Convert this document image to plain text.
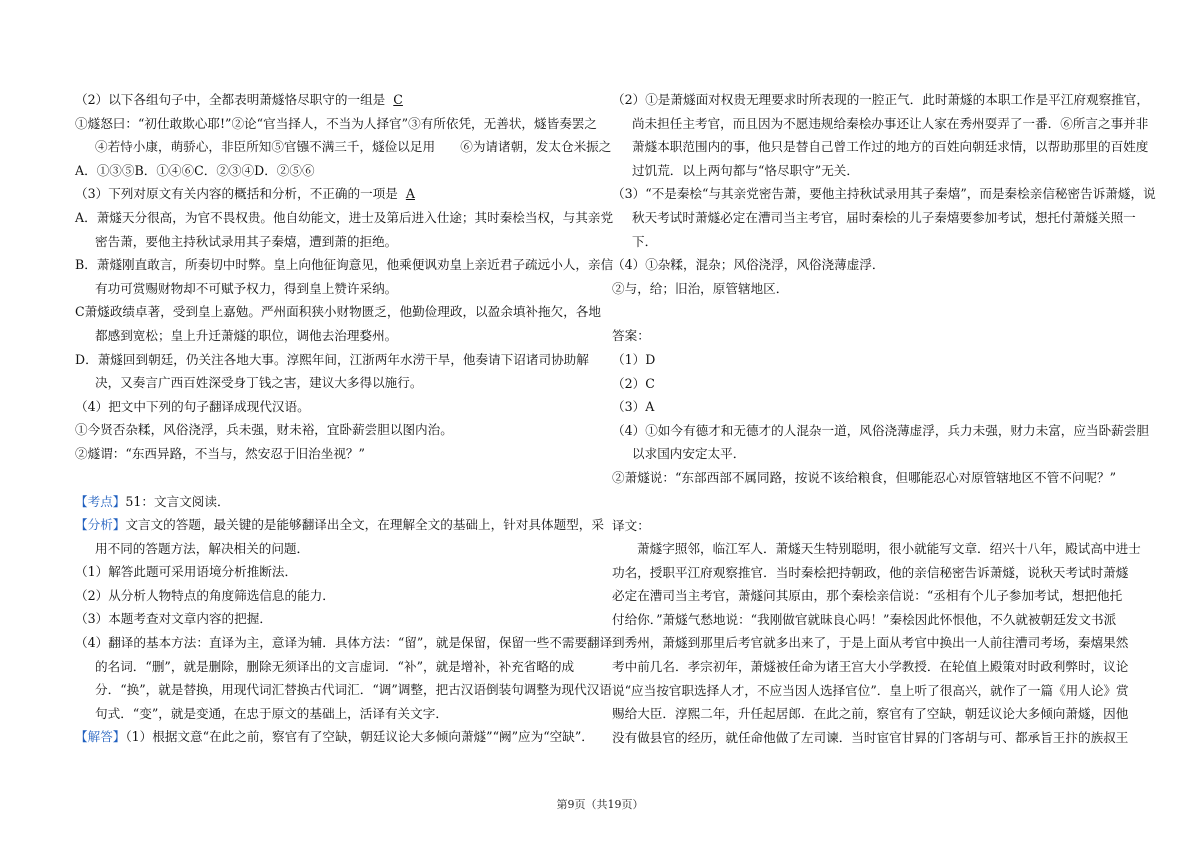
（2）以下各组句子中，全都表明萧燧恪尽职守的一组是 C

①燧怒曰：“初仕敢欺心耶!”②论“官当择人，不当为人择官”③有所依凭，无善状，燧皆奏罢之

④若恃小康，萌骄心，非臣所知⑤官镪不满三千，燧俭以足用　　⑥为请诸朝，发太仓米振之

A．①③⑤B．①④⑥C．②③④D．②⑤⑥

（3）下列对原文有关内容的概括和分析，不正确的一项是 A

A．萧燧天分很高，为官不畏权贵。他自幼能文，进士及第后进入仕途；其时秦桧当权，与其亲党

密告萧，要他主持秋试录用其子秦熺，遭到萧的拒绝。

B．萧燧刚直敢言，所奏切中时弊。皇上向他征询意见，他乘便讽劝皇上亲近君子疏远小人，亲信

有功可赏赐财物却不可赋予权力，得到皇上赞许采纳。

C萧燧政绩卓著，受到皇上嘉勉。严州面积狭小财物匮乏，他勤俭理政，以盈余填补拖欠，各地

都感到宽松；皇上升迁萧燧的职位，调他去治理婺州。

D．萧燧回到朝廷，仍关注各地大事。淳熙年间，江浙两年水涝干旱，他奏请下诏诸司协助解

决，又奏言广西百姓深受身丁钱之害，建议大多得以施行。

（4）把文中下列的句子翻译成现代汉语。

①今贤否杂糅，风俗浇浮，兵未强，财未裕，宜卧薪尝胆以图内治。

②燧谓：“东西异路，不当与，然安忍于旧治坐视？”

【考点】51：文言文阅读．

【分析】文言文的答题，最关键的是能够翻译出全文，在理解全文的基础上，针对具体题型，采

用不同的答题方法，解决相关的问题．

（1）解答此题可采用语境分析推断法．

（2）从分析人物特点的角度筛选信息的能力．

（3）本题考查对文章内容的把握．

（4）翻译的基本方法：直译为主，意译为辅．具体方法：“留”，就是保留，保留一些不需要翻译

的名词．“删”，就是删除，删除无须译出的文言虚词．“补”，就是增补，补充省略的成

分．“换”，就是替换，用现代词汇替换古代词汇．“调”调整，把古汉语倒装句调整为现代汉语

句式．“变”，就是变通，在忠于原文的基础上，活译有关文字．

【解答】（1）根据文意“在此之前，察官有了空缺，朝廷议论大多倾向萧燧”“阙”应为“空缺”．

（2）①是萧燧面对权贵无理要求时所表现的一腔正气．此时萧燧的本职工作是平江府观察推官，

尚未担任主考官，而且因为不愿违规给秦桧办事还让人家在秀州耍弄了一番．⑥所言之事并非

萧燧本职范围内的事，他只是替自己曾工作过的地方的百姓向朝廷求情，以帮助那里的百姓度

过饥荒．以上两句都与“恪尽职守”无关．

（3）“不是秦桧“与其亲党密告萧，要他主持秋试录用其子秦熺”，而是秦桧亲信秘密告诉萧燧，说

秋天考试时萧燧必定在漕司当主考官，届时秦桧的儿子秦熺要参加考试，想托付萧燧关照一

下．

（4）①杂糅，混杂；风俗浇浮，风俗浇薄虚浮．

②与，给；旧治，原管辖地区．

答案：

（1）D

（2）C

（3）A

（4）①如今有德才和无德才的人混杂一道，风俗浇薄虚浮，兵力未强，财力未富，应当卧薪尝胆

以求国内安定太平．

②萧燧说：“东部西部不属同路，按说不该给粮食，但哪能忍心对原管辖地区不管不问呢？”

译文：

萧燧字照邻，临江军人．萧燧天生特别聪明，很小就能写文章．绍兴十八年，殿试高中进士

功名，授职平江府观察推官．当时秦桧把持朝政，他的亲信秘密告诉萧燧，说秋天考试时萧燧

必定在漕司当主考官，萧燧问其原由，那个秦桧亲信说：“丞相有个儿子参加考试，想把他托

付给你．”萧燧气愁地说：“我刚做官就昧良心吗！”秦桧因此怀恨他，不久就被朝廷发文书派

到秀州，萧燧到那里后考官就多出来了，于是上面从考官中换出一人前往漕司考场，秦熺果然

考中前几名．孝宗初年，萧燧被任命为诸王宫大小学教授．在轮值上殿策对时政利弊时，议论

说“应当按官职选择人才，不应当因人选择官位”．皇上听了很高兴，就作了一篇《用人论》赏

赐给大臣．淳熙二年，升任起居郎．在此之前，察官有了空缺，朝廷议论大多倾向萧燧，因他

没有做县官的经历，就任命他做了左司谏．当时宦官甘昪的门客胡与可、都承旨王抃的族叔王

第9页（共19页）
